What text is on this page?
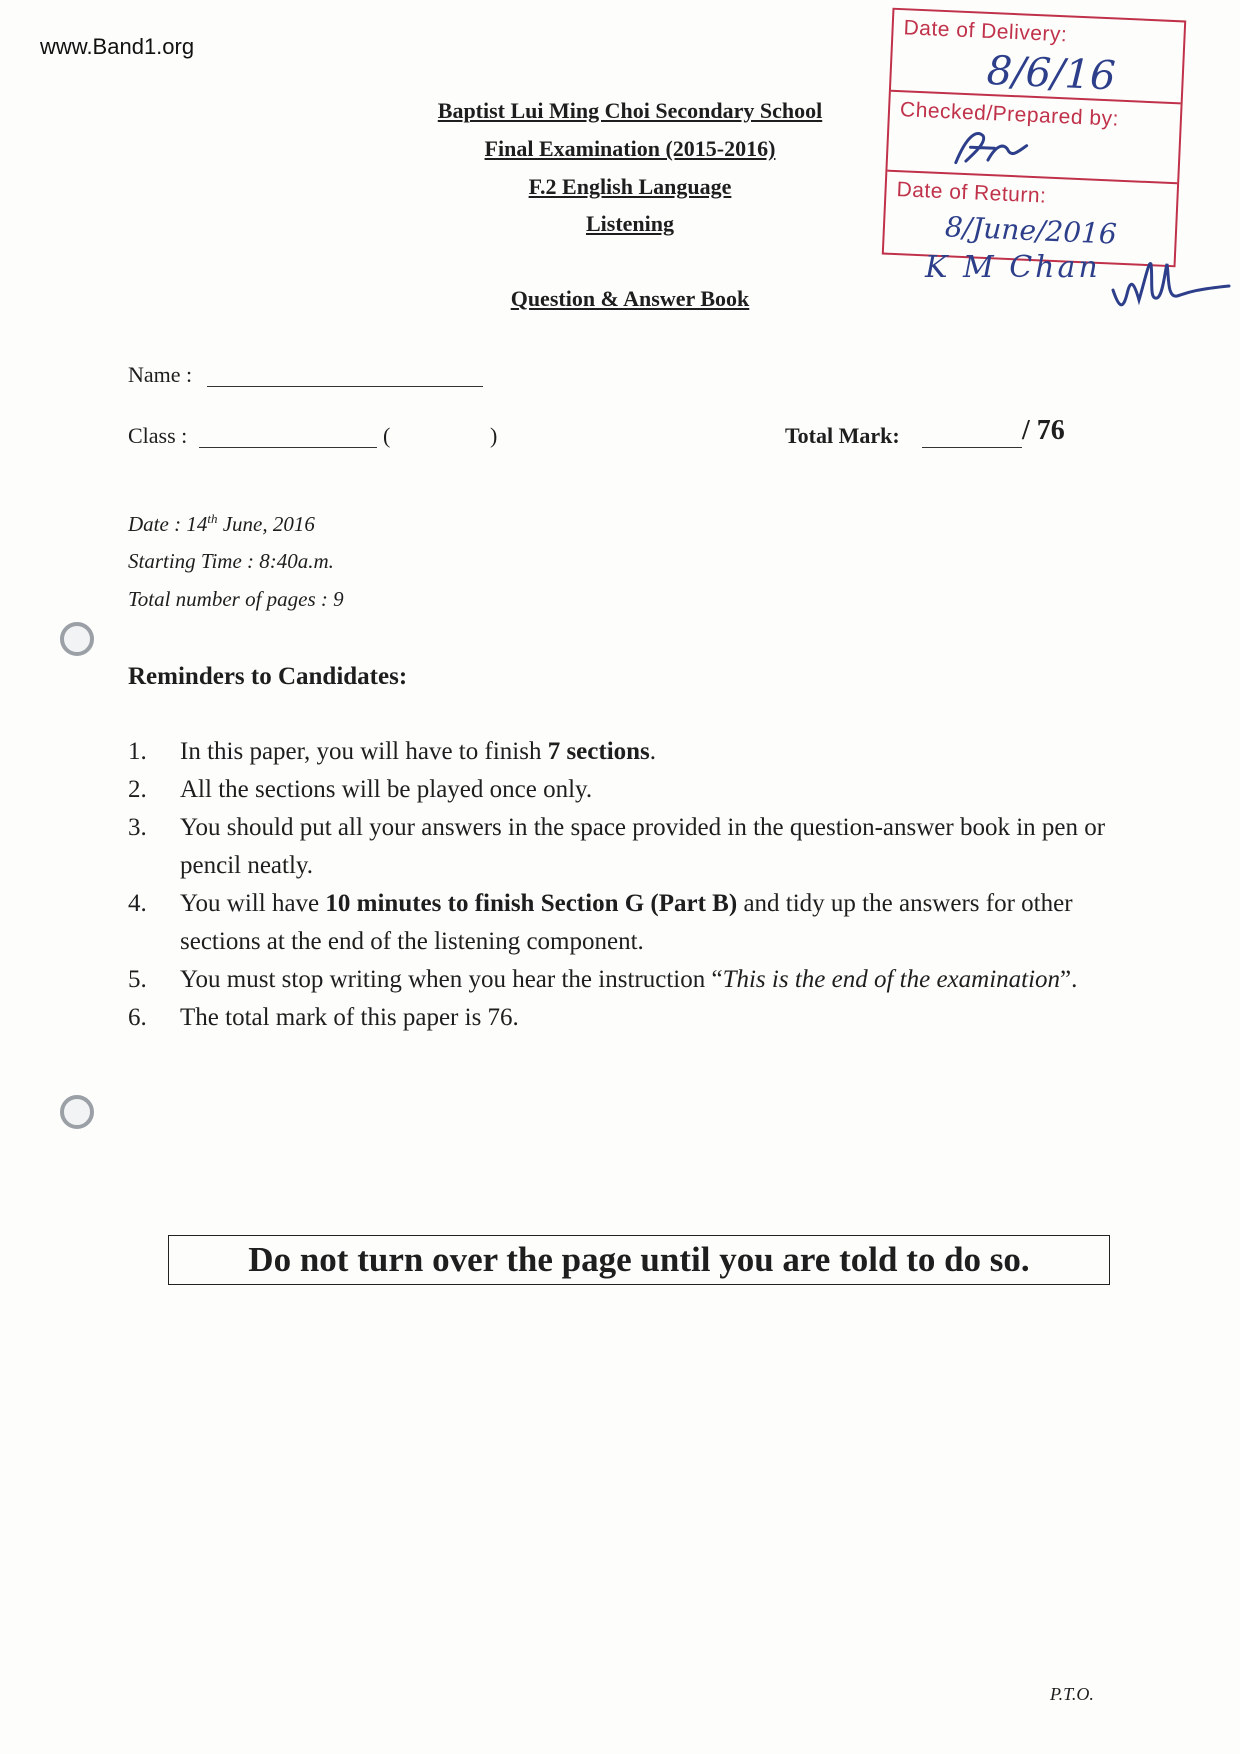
www.Band1.org
Baptist Lui Ming Choi Secondary School
Final Examination (2015-2016)
F.2 English Language
Listening
Question & Answer Book
Date of Delivery:
8/6/16
Checked/Prepared by:
Date of Return:
8/June/2016
K M Chan
Name :
Class :	(	)	Total Mark:	/ 76
Date : 14th June, 2016
Starting Time : 8:40a.m.
Total number of pages : 9
Reminders to Candidates:
1.	In this paper, you will have to finish 7 sections.
2.	All the sections will be played once only.
3.	You should put all your answers in the space provided in the question-answer book in pen or pencil neatly.
4.	You will have 10 minutes to finish Section G (Part B) and tidy up the answers for other sections at the end of the listening component.
5.	You must stop writing when you hear the instruction “This is the end of the examination”.
6.	The total mark of this paper is 76.
Do not turn over the page until you are told to do so.
P.T.O.
